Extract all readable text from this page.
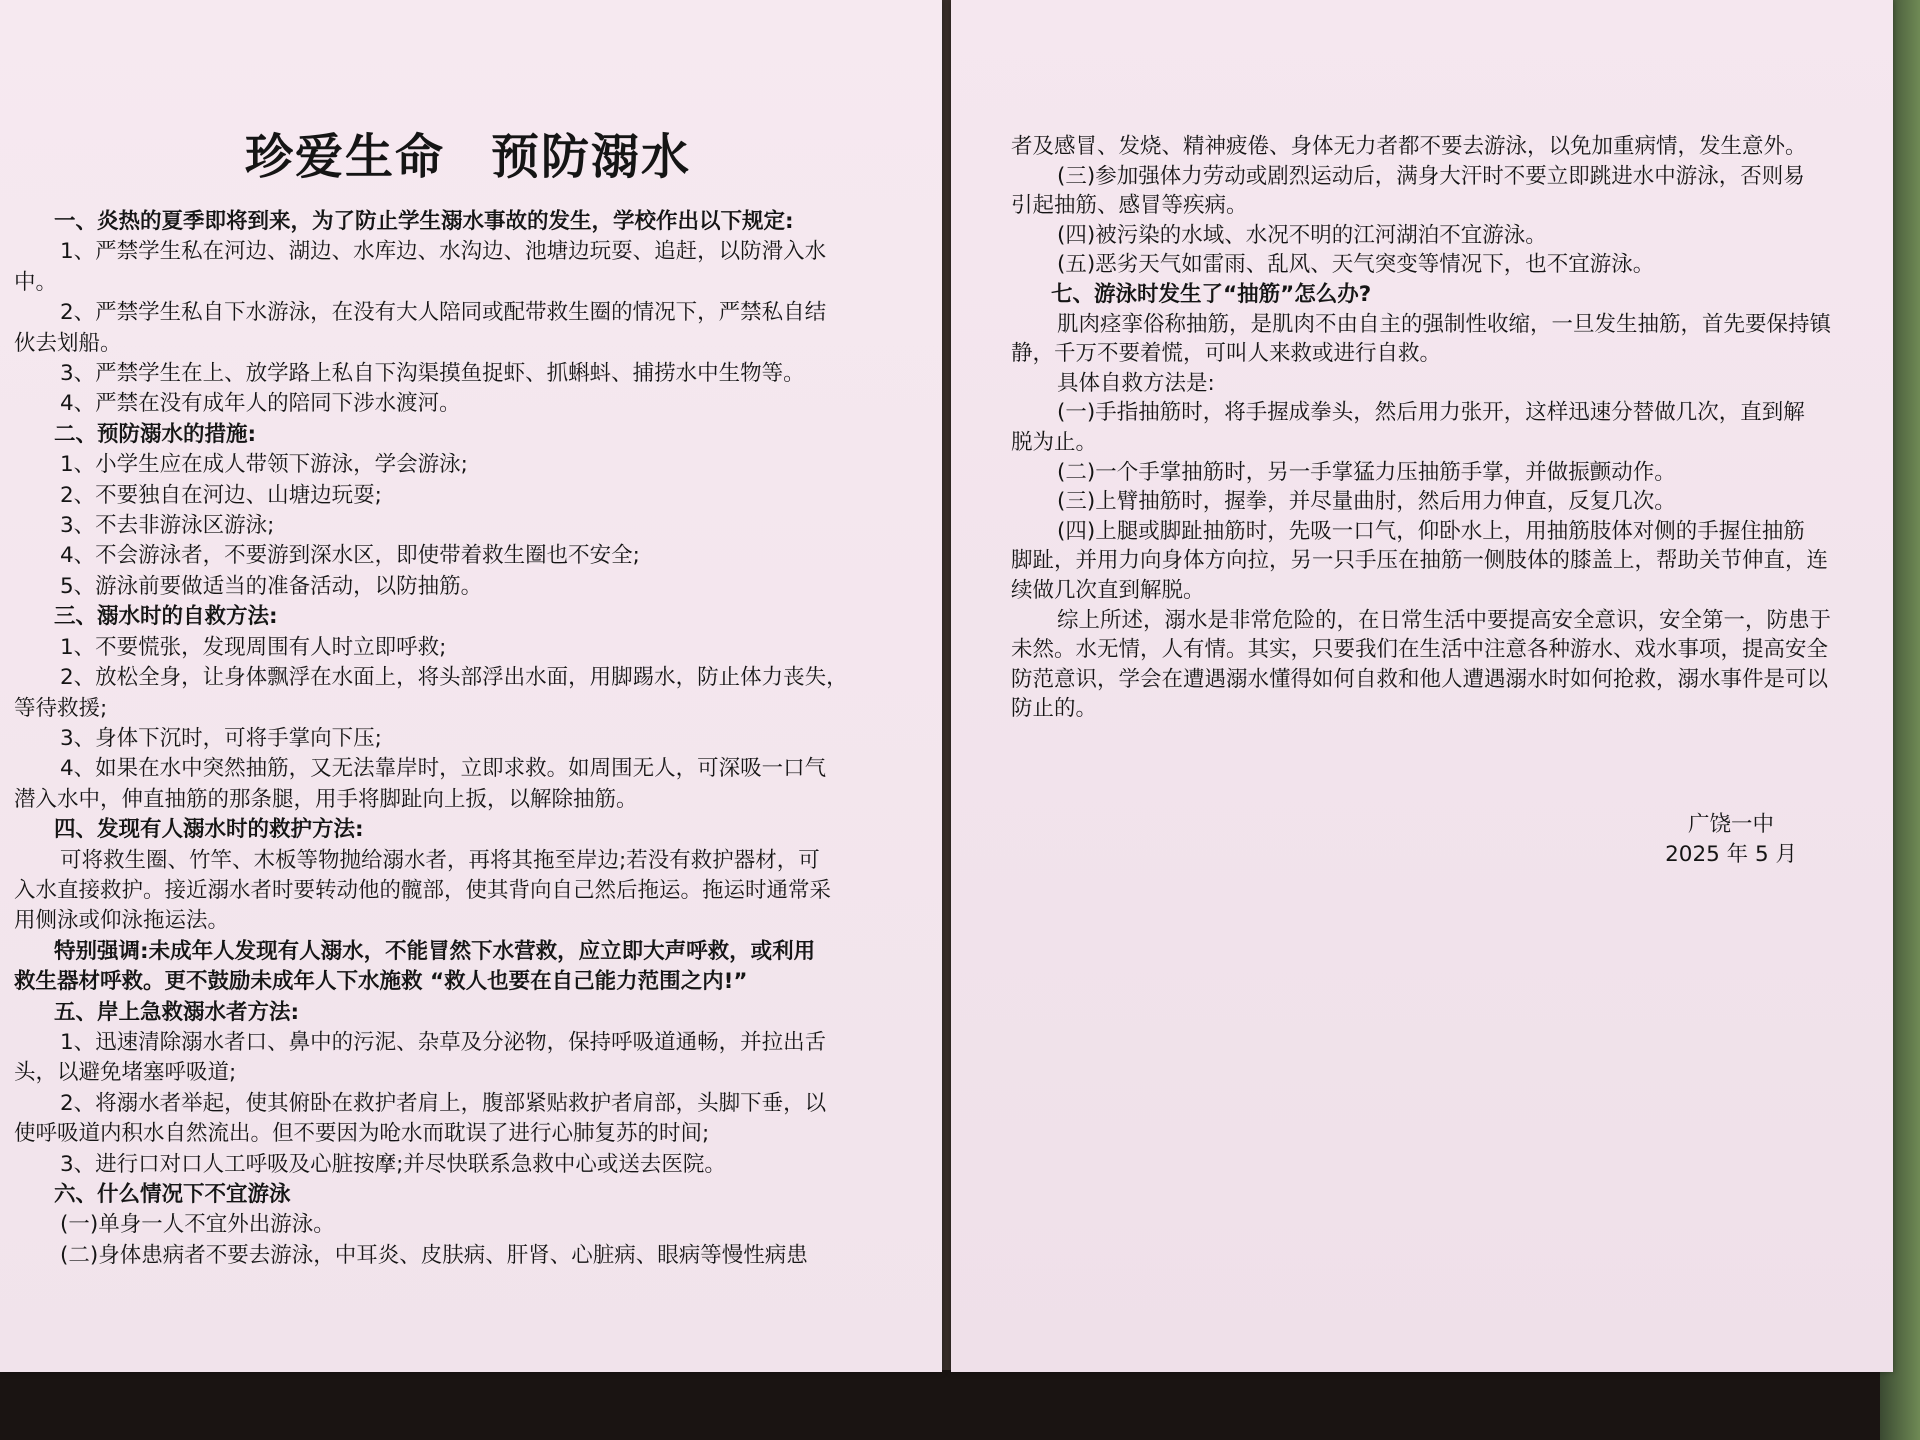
珍爱生命 预防溺水

一、炎热的夏季即将到来，为了防止学生溺水事故的发生，学校作出以下规定:

1、严禁学生私在河边、湖边、水库边、水沟边、池塘边玩耍、追赶，以防滑入水

中。

2、严禁学生私自下水游泳，在没有大人陪同或配带救生圈的情况下，严禁私自结

伙去划船。

3、严禁学生在上、放学路上私自下沟渠摸鱼捉虾、抓蝌蚪、捕捞水中生物等。

4、严禁在没有成年人的陪同下涉水渡河。

二、预防溺水的措施:

1、小学生应在成人带领下游泳，学会游泳;

2、不要独自在河边、山塘边玩耍;

3、不去非游泳区游泳;

4、不会游泳者，不要游到深水区，即使带着救生圈也不安全;

5、游泳前要做适当的准备活动，以防抽筋。

三、溺水时的自救方法:

1、不要慌张，发现周围有人时立即呼救;

2、放松全身，让身体飘浮在水面上，将头部浮出水面，用脚踢水，防止体力丧失，

等待救援;

3、身体下沉时，可将手掌向下压;

4、如果在水中突然抽筋，又无法靠岸时，立即求救。如周围无人，可深吸一口气

潜入水中，伸直抽筋的那条腿，用手将脚趾向上扳，以解除抽筋。

四、发现有人溺水时的救护方法:

可将救生圈、竹竿、木板等物抛给溺水者，再将其拖至岸边;若没有救护器材，可

入水直接救护。接近溺水者时要转动他的髋部，使其背向自己然后拖运。拖运时通常采

用侧泳或仰泳拖运法。

特别强调:未成年人发现有人溺水，不能冒然下水营救，应立即大声呼救，或利用

救生器材呼救。更不鼓励未成年人下水施救 “救人也要在自己能力范围之内!”

五、岸上急救溺水者方法:

1、迅速清除溺水者口、鼻中的污泥、杂草及分泌物，保持呼吸道通畅，并拉出舌

头，以避免堵塞呼吸道;

2、将溺水者举起，使其俯卧在救护者肩上，腹部紧贴救护者肩部，头脚下垂，以

使呼吸道内积水自然流出。但不要因为呛水而耽误了进行心肺复苏的时间;

3、进行口对口人工呼吸及心脏按摩;并尽快联系急救中心或送去医院。

六、什么情况下不宜游泳

(一)单身一人不宜外出游泳。

(二)身体患病者不要去游泳，中耳炎、皮肤病、肝肾、心脏病、眼病等慢性病患

者及感冒、发烧、精神疲倦、身体无力者都不要去游泳，以免加重病情，发生意外。

(三)参加强体力劳动或剧烈运动后，满身大汗时不要立即跳进水中游泳，否则易

引起抽筋、感冒等疾病。

(四)被污染的水域、水况不明的江河湖泊不宜游泳。

(五)恶劣天气如雷雨、乱风、天气突变等情况下，也不宜游泳。

七、游泳时发生了“抽筋”怎么办?

肌肉痉挛俗称抽筋，是肌肉不由自主的强制性收缩，一旦发生抽筋，首先要保持镇

静，千万不要着慌，可叫人来救或进行自救。

具体自救方法是:

(一)手指抽筋时，将手握成拳头，然后用力张开，这样迅速分替做几次，直到解

脱为止。

(二)一个手掌抽筋时，另一手掌猛力压抽筋手掌，并做振颤动作。

(三)上臂抽筋时，握拳，并尽量曲肘，然后用力伸直，反复几次。

(四)上腿或脚趾抽筋时，先吸一口气，仰卧水上，用抽筋肢体对侧的手握住抽筋

脚趾，并用力向身体方向拉，另一只手压在抽筋一侧肢体的膝盖上，帮助关节伸直，连

续做几次直到解脱。

综上所述，溺水是非常危险的，在日常生活中要提高安全意识，安全第一，防患于

未然。水无情，人有情。其实，只要我们在生活中注意各种游水、戏水事项，提高安全

防范意识，学会在遭遇溺水懂得如何自救和他人遭遇溺水时如何抢救，溺水事件是可以

防止的。

广饶一中
2025 年 5 月
